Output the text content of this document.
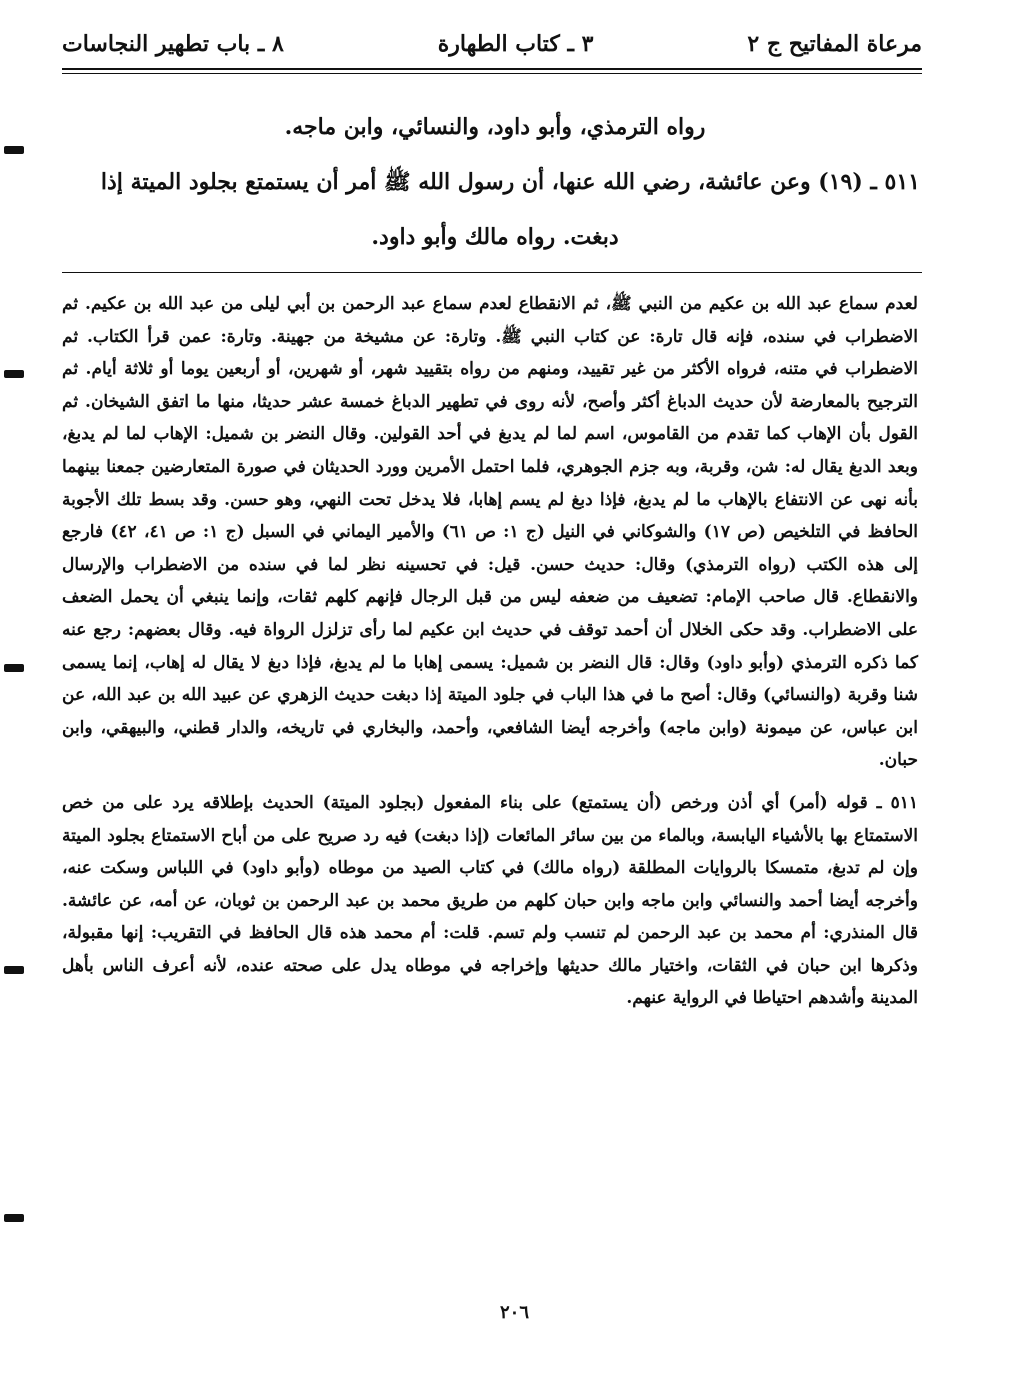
مرعاة المفاتيح ج ٢
٣ ـ كتاب الطهارة
٨ ـ باب تطهير النجاسات
رواه الترمذي، وأبو داود، والنسائي، وابن ماجه.
٥١١ ـ (١٩) وعن عائشة، رضي الله عنها، أن رسول الله ﷺ أمر أن يستمتع بجلود الميتة إذا
دبغت. رواه مالك وأبو داود.

لعدم سماع عبد الله بن عكيم من النبي ﷺ، ثم الانقطاع لعدم سماع عبد الرحمن بن أبي ليلى من عبد الله بن عكيم. ثم الاضطراب في سنده، فإنه قال تارة: عن كتاب النبي ﷺ. وتارة: عن مشيخة من جهينة. وتارة: عمن قرأ الكتاب. ثم الاضطراب في متنه، فرواه الأكثر من غير تقييد، ومنهم من رواه بتقييد شهر، أو شهرين، أو أربعين يوما أو ثلاثة أيام. ثم الترجيح بالمعارضة لأن حديث الدباغ أكثر وأصح، لأنه روى في تطهير الدباغ خمسة عشر حديثا، منها ما اتفق الشيخان. ثم القول بأن الإهاب كما تقدم من القاموس، اسم لما لم يدبغ في أحد القولين. وقال النضر بن شميل: الإهاب لما لم يدبغ، وبعد الدبغ يقال له: شن، وقربة، وبه جزم الجوهري، فلما احتمل الأمرين وورد الحديثان في صورة المتعارضين جمعنا بينهما بأنه نهى عن الانتفاع بالإهاب ما لم يدبغ، فإذا دبغ لم يسم إهابا، فلا يدخل تحت النهي، وهو حسن. وقد بسط تلك الأجوبة الحافظ في التلخيص (ص ١٧) والشوكاني في النيل (ج ١: ص ٦١) والأمير اليماني في السبل (ج ١: ص ٤١، ٤٢) فارجع إلى هذه الكتب (رواه الترمذي) وقال: حديث حسن. قيل: في تحسينه نظر لما في سنده من الاضطراب والإرسال والانقطاع. قال صاحب الإمام: تضعيف من ضعفه ليس من قبل الرجال فإنهم كلهم ثقات، وإنما ينبغي أن يحمل الضعف على الاضطراب. وقد حكى الخلال أن أحمد توقف في حديث ابن عكيم لما رأى تزلزل الرواة فيه. وقال بعضهم: رجع عنه كما ذكره الترمذي (وأبو داود) وقال: قال النضر بن شميل: يسمى إهابا ما لم يدبغ، فإذا دبغ لا يقال له إهاب، إنما يسمى شنا وقربة (والنسائي) وقال: أصح ما في هذا الباب في جلود الميتة إذا دبغت حديث الزهري عن عبيد الله بن عبد الله، عن ابن عباس، عن ميمونة (وابن ماجه) وأخرجه أيضا الشافعي، وأحمد، والبخاري في تاريخه، والدار قطني، والبيهقي، وابن حبان.

٥١١ ـ قوله (أمر) أي أذن ورخص (أن يستمتع) على بناء المفعول (بجلود الميتة) الحديث بإطلاقه يرد على من خص الاستمتاع بها بالأشياء اليابسة، وبالماء من بين سائر المائعات (إذا دبغت) فيه رد صريح على من أباح الاستمتاع بجلود الميتة وإن لم تدبغ، متمسكا بالروايات المطلقة (رواه مالك) في كتاب الصيد من موطاه (وأبو داود) في اللباس وسكت عنه، وأخرجه أيضا أحمد والنسائي وابن ماجه وابن حبان كلهم من طريق محمد بن عبد الرحمن بن ثوبان، عن أمه، عن عائشة. قال المنذري: أم محمد بن عبد الرحمن لم تنسب ولم تسم. قلت: أم محمد هذه قال الحافظ في التقريب: إنها مقبولة، وذكرها ابن حبان في الثقات، واختيار مالك حديثها وإخراجه في موطاه يدل على صحته عنده، لأنه أعرف الناس بأهل المدينة وأشدهم احتياطا في الرواية عنهم.

٢٠٦
